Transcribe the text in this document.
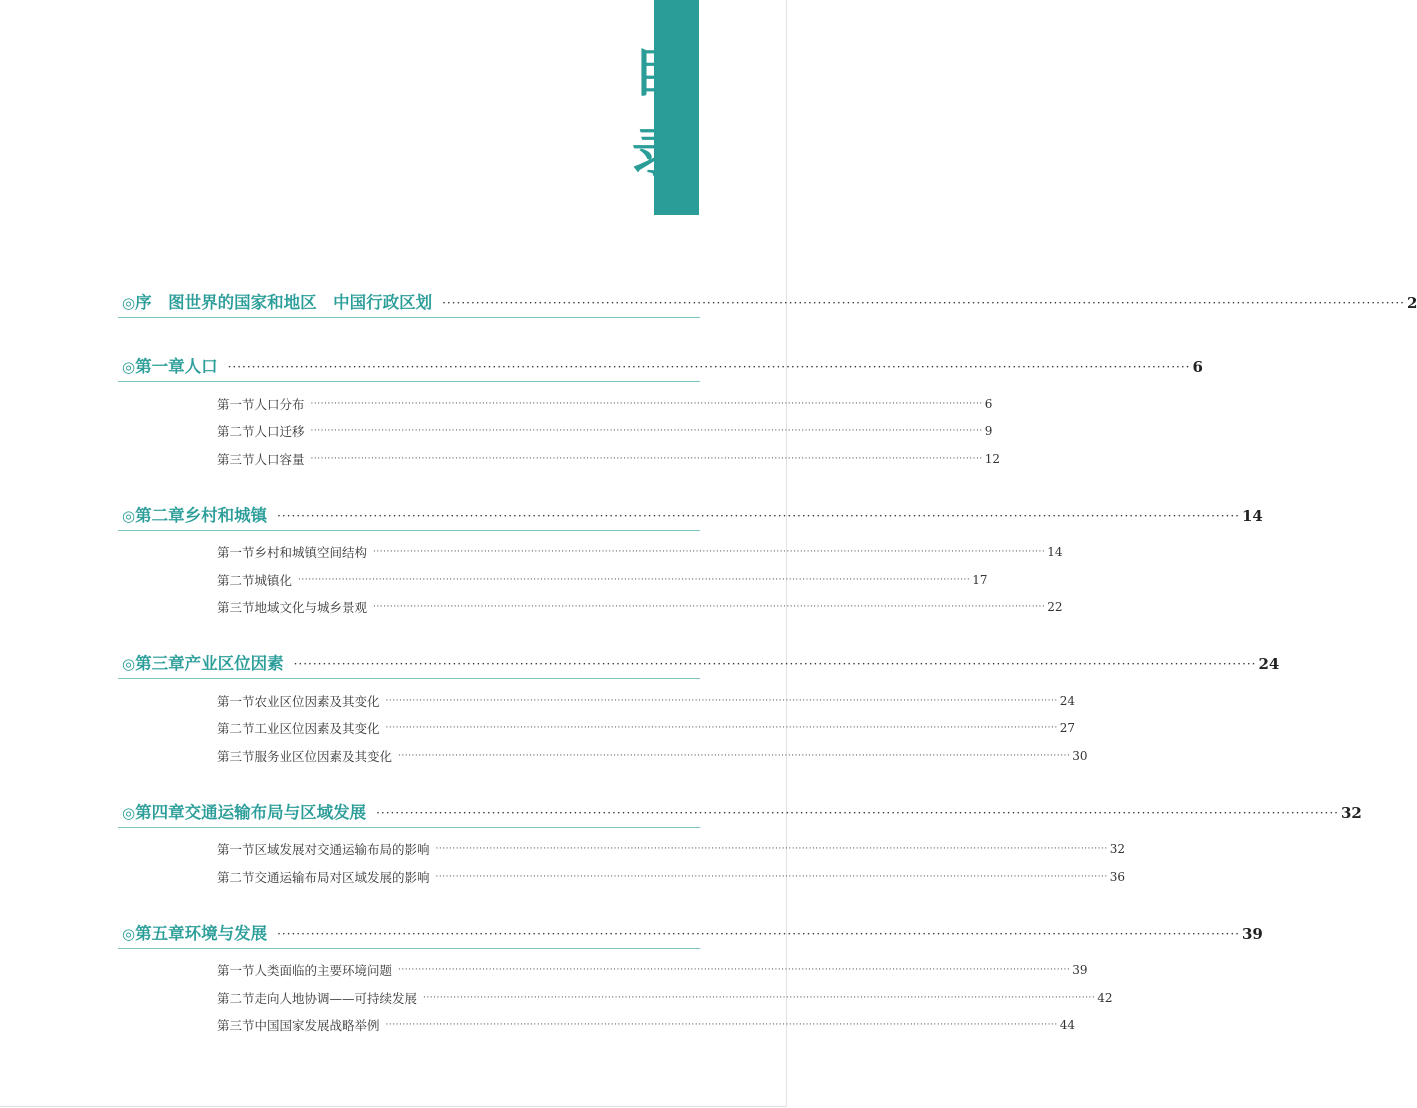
目
录
◎ 序　图 世界的国家和地区　中国行政区划 ········································································································································································································ 2
◎ 第一章 人口 ········································································································································································································ 6
第一节 人口分布 ········································································································································································································ 6
第二节 人口迁移 ········································································································································································································ 9
第三节 人口容量 ········································································································································································································ 12
◎ 第二章 乡村和城镇 ········································································································································································································ 14
第一节 乡村和城镇空间结构 ········································································································································································································ 14
第二节 城镇化 ········································································································································································································ 17
第三节 地域文化与城乡景观 ········································································································································································································ 22
◎ 第三章 产业区位因素 ········································································································································································································ 24
第一节 农业区位因素及其变化 ········································································································································································································ 24
第二节 工业区位因素及其变化 ········································································································································································································ 27
第三节 服务业区位因素及其变化 ········································································································································································································ 30
◎ 第四章 交通运输布局与区域发展 ········································································································································································································ 32
第一节 区域发展对交通运输布局的影响 ········································································································································································································ 32
第二节 交通运输布局对区域发展的影响 ········································································································································································································ 36
◎ 第五章 环境与发展 ········································································································································································································ 39
第一节 人类面临的主要环境问题 ········································································································································································································ 39
第二节 走向人地协调——可持续发展 ········································································································································································································ 42
第三节 中国国家发展战略举例 ········································································································································································································ 44
